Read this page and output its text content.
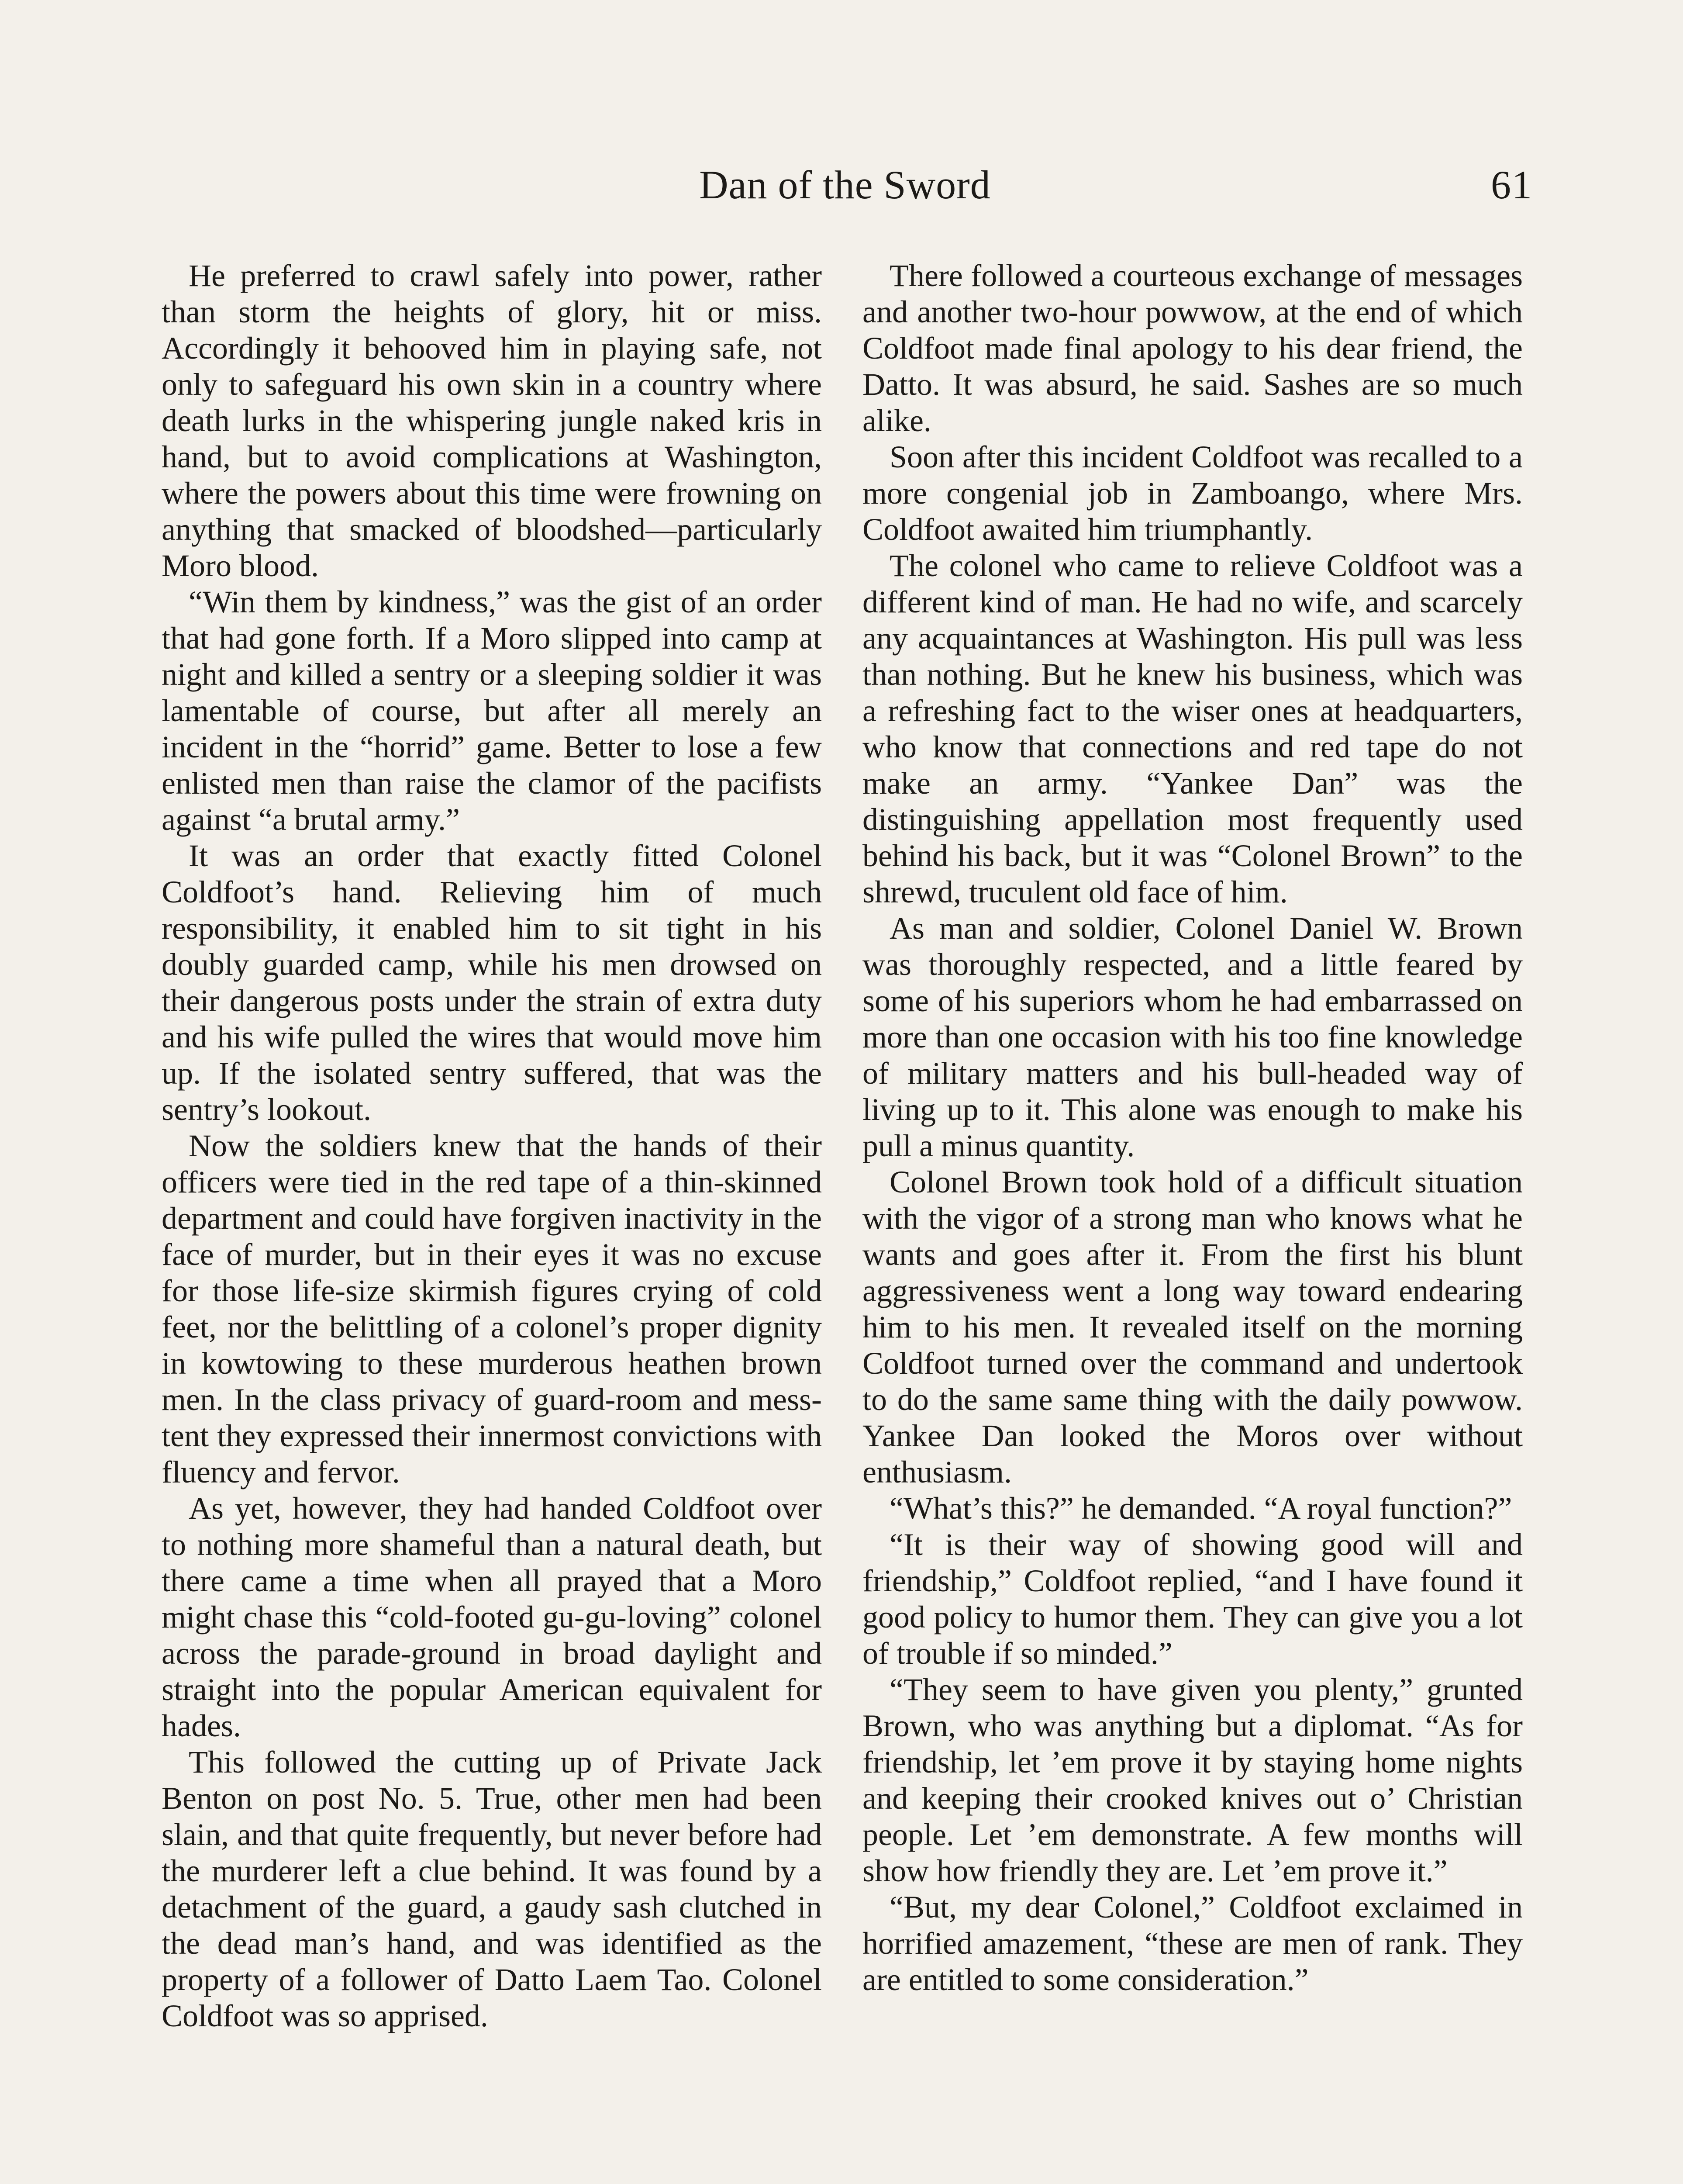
Dan of the Sword	61

He preferred to crawl safely into power, rather than storm the heights of glory, hit or miss. Accordingly it behooved him in playing safe, not only to safeguard his own skin in a country where death lurks in the whispering jungle naked kris in hand, but to avoid complications at Washington, where the powers about this time were frowning on anything that smacked of bloodshed—particularly Moro blood.

“Win them by kindness,” was the gist of an order that had gone forth. If a Moro slipped into camp at night and killed a sentry or a sleeping soldier it was lamentable of course, but after all merely an incident in the “horrid” game. Better to lose a few enlisted men than raise the clamor of the pacifists against “a brutal army.”

It was an order that exactly fitted Colonel Coldfoot’s hand. Relieving him of much responsibility, it enabled him to sit tight in his doubly guarded camp, while his men drowsed on their dangerous posts under the strain of extra duty and his wife pulled the wires that would move him up. If the isolated sentry suffered, that was the sentry’s lookout.

Now the soldiers knew that the hands of their officers were tied in the red tape of a thin-skinned department and could have forgiven inactivity in the face of murder, but in their eyes it was no excuse for those life-size skirmish figures crying of cold feet, nor the belittling of a colonel’s proper dignity in kowtowing to these murderous heathen brown men. In the class privacy of guard-room and mess-tent they expressed their innermost convictions with fluency and fervor.

As yet, however, they had handed Coldfoot over to nothing more shameful than a natural death, but there came a time when all prayed that a Moro might chase this “cold-footed gu-gu-loving” colonel across the parade-ground in broad daylight and straight into the popular American equivalent for hades.

This followed the cutting up of Private Jack Benton on post No. 5. True, other men had been slain, and that quite frequently, but never before had the murderer left a clue behind. It was found by a detachment of the guard, a gaudy sash clutched in the dead man’s hand, and was identified as the property of a follower of Datto Laem Tao. Colonel Coldfoot was so apprised.

There followed a courteous exchange of messages and another two-hour powwow, at the end of which Coldfoot made final apology to his dear friend, the Datto. It was absurd, he said. Sashes are so much alike.

Soon after this incident Coldfoot was recalled to a more congenial job in Zamboango, where Mrs. Coldfoot awaited him triumphantly.

The colonel who came to relieve Coldfoot was a different kind of man. He had no wife, and scarcely any acquaintances at Washington. His pull was less than nothing. But he knew his business, which was a refreshing fact to the wiser ones at headquarters, who know that connections and red tape do not make an army. “Yankee Dan” was the distinguishing appellation most frequently used behind his back, but it was “Colonel Brown” to the shrewd, truculent old face of him.

As man and soldier, Colonel Daniel W. Brown was thoroughly respected, and a little feared by some of his superiors whom he had embarrassed on more than one occasion with his too fine knowledge of military matters and his bull-headed way of living up to it. This alone was enough to make his pull a minus quantity.

Colonel Brown took hold of a difficult situation with the vigor of a strong man who knows what he wants and goes after it. From the first his blunt aggressiveness went a long way toward endearing him to his men. It revealed itself on the morning Coldfoot turned over the command and undertook to do the same same thing with the daily powwow. Yankee Dan looked the Moros over without enthusiasm.

“What’s this?” he demanded. “A royal function?”

“It is their way of showing good will and friendship,” Coldfoot replied, “and I have found it good policy to humor them. They can give you a lot of trouble if so minded.”

“They seem to have given you plenty,” grunted Brown, who was anything but a diplomat. “As for friendship, let ’em prove it by staying home nights and keeping their crooked knives out o’ Christian people. Let ’em demonstrate. A few months will show how friendly they are. Let ’em prove it.”

“But, my dear Colonel,” Coldfoot exclaimed in horrified amazement, “these are men of rank. They are entitled to some consideration.”
